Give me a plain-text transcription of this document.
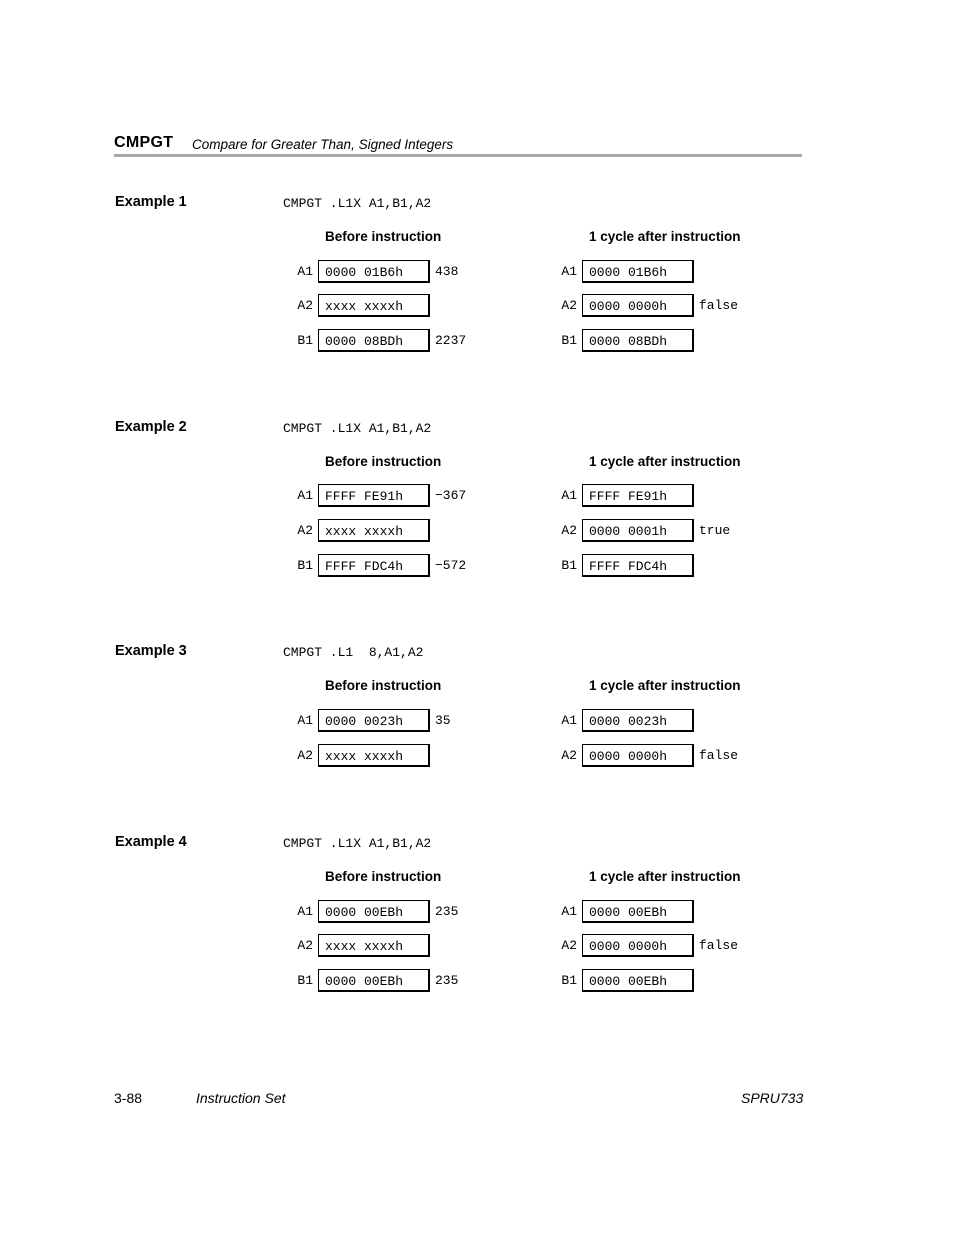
CMPGT Compare for Greater Than, Signed Integers
Example 1	CMPGT .L1X A1,B1,A2
Before instruction	1 cycle after instruction
A1 0000 01B6h	438
A2 xxxx xxxxh
B1 0000 08BDh	2237
A1 0000 01B6h
A2 0000 0000h	false
B1 0000 08BDh
Example 2	CMPGT .L1X A1,B1,A2
Before instruction	1 cycle after instruction
A1 FFFF FE91h	−367
A2 xxxx xxxxh
B1 FFFF FDC4h	−572
A1 FFFF FE91h
A2 0000 0001h	true
B1 FFFF FDC4h
Example 3	CMPGT .L1  8,A1,A2
Before instruction	1 cycle after instruction
A1 0000 0023h	35
A2 xxxx xxxxh
A1 0000 0023h
A2 0000 0000h	false
Example 4	CMPGT .L1X A1,B1,A2
Before instruction	1 cycle after instruction
A1 0000 00EBh	235
A2 xxxx xxxxh
B1 0000 00EBh	235
A1 0000 00EBh
A2 0000 0000h	false
B1 0000 00EBh
3-88	Instruction Set	SPRU733
